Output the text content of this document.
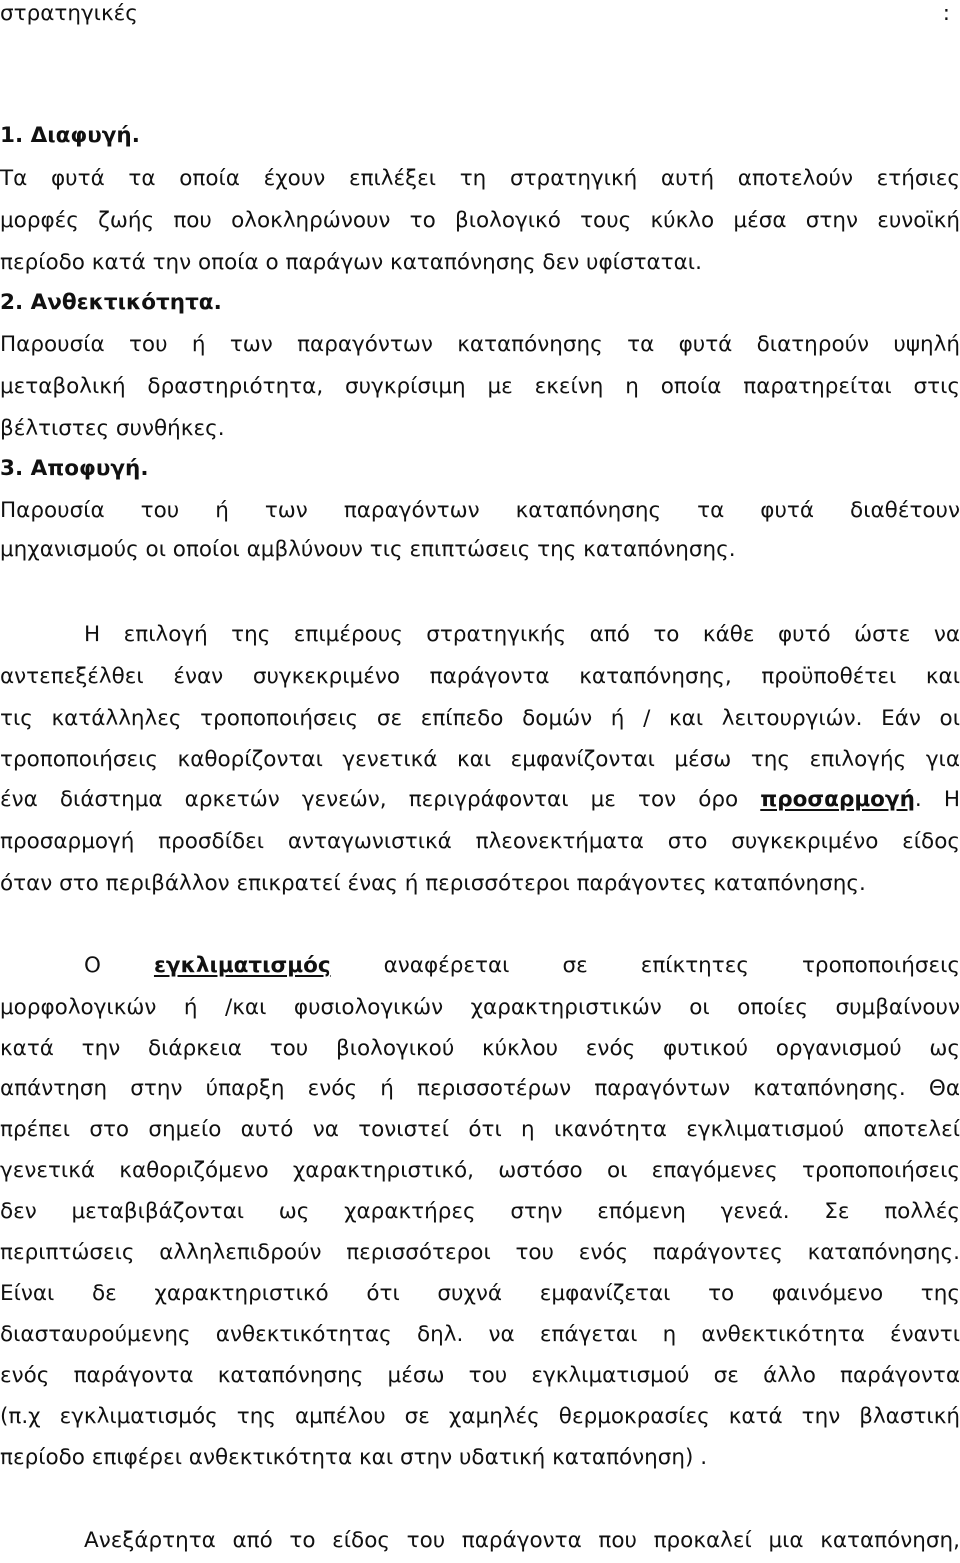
στρατηγικές	:
1. Διαφυγή.
Τα φυτά τα οποία έχουν επιλέξει τη στρατηγική αυτή αποτελούν ετήσιες
μορφές ζωής που ολοκληρώνουν το βιολογικό τους κύκλο μέσα στην ευνοϊκή
περίοδο κατά την οποία ο παράγων καταπόνησης δεν υφίσταται.
2. Ανθεκτικότητα.
Παρουσία του ή των παραγόντων καταπόνησης τα φυτά διατηρούν υψηλή
μεταβολική δραστηριότητα, συγκρίσιμη με εκείνη η οποία παρατηρείται στις
βέλτιστες συνθήκες.
3. Αποφυγή.
Παρουσία του ή των παραγόντων καταπόνησης τα φυτά διαθέτουν
μηχανισμούς οι οποίοι αμβλύνουν τις επιπτώσεις της καταπόνησης.
Η επιλογή της επιμέρους στρατηγικής από το κάθε φυτό ώστε να
αντεπεξέλθει έναν συγκεκριμένο παράγοντα καταπόνησης, προϋποθέτει και
τις κατάλληλες τροποποιήσεις σε επίπεδο δομών ή / και λειτουργιών. Εάν οι
τροποποιήσεις καθορίζονται γενετικά και εμφανίζονται μέσω της επιλογής για
ένα διάστημα αρκετών γενεών, περιγράφονται με τον όρο προσαρμογή. Η
προσαρμογή προσδίδει ανταγωνιστικά πλεονεκτήματα στο συγκεκριμένο είδος
όταν στο περιβάλλον επικρατεί ένας ή περισσότεροι παράγοντες καταπόνησης.
Ο εγκλιματισμός αναφέρεται σε επίκτητες τροποποιήσεις
μορφολογικών ή /και φυσιολογικών χαρακτηριστικών οι οποίες συμβαίνουν
κατά την διάρκεια του βιολογικού κύκλου ενός φυτικού οργανισμού ως
απάντηση στην ύπαρξη ενός ή περισσοτέρων παραγόντων καταπόνησης. Θα
πρέπει στο σημείο αυτό να τονιστεί ότι η ικανότητα εγκλιματισμού αποτελεί
γενετικά καθοριζόμενο χαρακτηριστικό, ωστόσο οι επαγόμενες τροποποιήσεις
δεν μεταβιβάζονται ως χαρακτήρες στην επόμενη γενεά. Σε πολλές
περιπτώσεις αλληλεπιδρούν περισσότεροι του ενός παράγοντες καταπόνησης.
Είναι δε χαρακτηριστικό ότι συχνά εμφανίζεται το φαινόμενο της
διασταυρούμενης ανθεκτικότητας δηλ. να επάγεται η ανθεκτικότητα έναντι
ενός παράγοντα καταπόνησης μέσω του εγκλιματισμού σε άλλο παράγοντα
(π.χ εγκλιματισμός της αμπέλου σε χαμηλές θερμοκρασίες κατά την βλαστική
περίοδο επιφέρει ανθεκτικότητα και στην υδατική καταπόνηση) .
Ανεξάρτητα από το είδος του παράγοντα που προκαλεί μια καταπόνηση,
